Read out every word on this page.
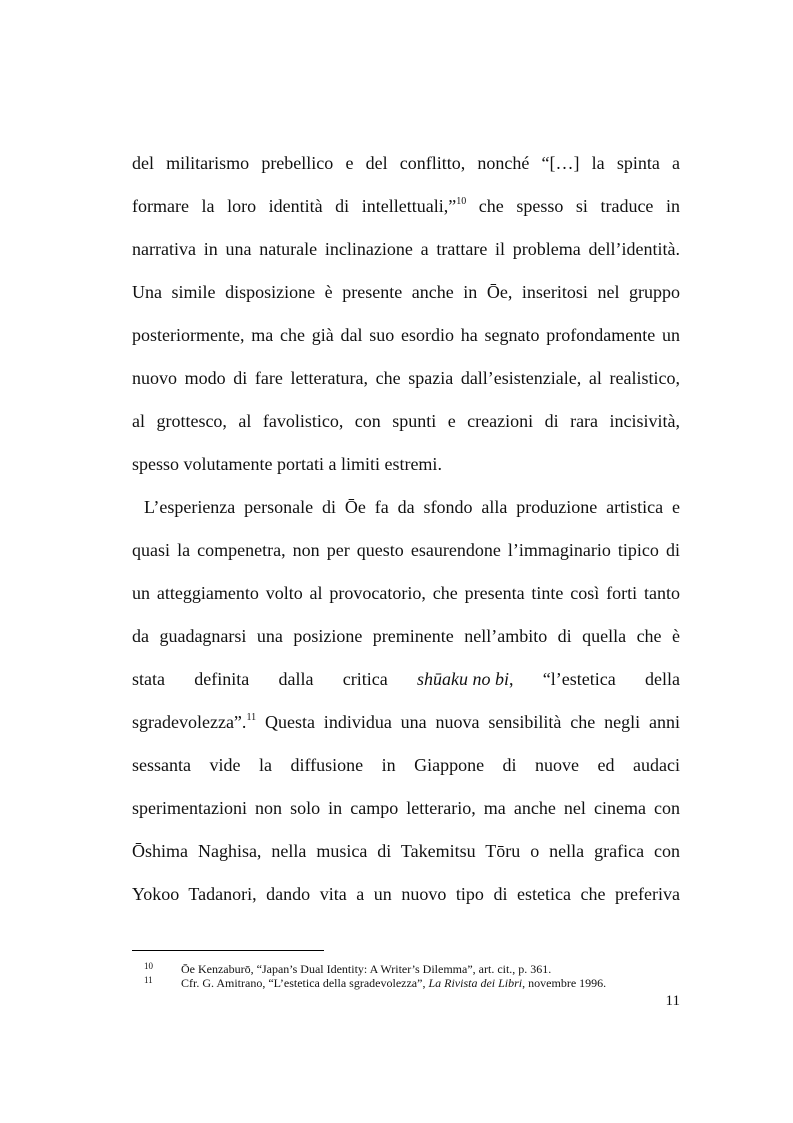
del militarismo prebellico e del conflitto, nonché “[…] la spinta a
formare la loro identità di intellettuali,”$^{10}$ che spesso si traduce in
narrativa in una naturale inclinazione a trattare il problema dell’identità.
Una simile disposizione è presente anche in Ōe, inseritosi nel gruppo
posteriormente, ma che già dal suo esordio ha segnato profondamente un
nuovo modo di fare letteratura, che spazia dall’esistenziale, al realistico,
al grottesco, al favolistico, con spunti e creazioni di rara incisività,
spesso volutamente portati a limiti estremi.
L’esperienza personale di Ōe fa da sfondo alla produzione artistica e
quasi la compenetra, non per questo esaurendone l’immaginario tipico di
un atteggiamento volto al provocatorio, che presenta tinte così forti tanto
da guadagnarsi una posizione preminente nell’ambito di quella che è
stata definita dalla critica shūaku no bi, “l’estetica della
sgradevolezza”.$^{11}$ Questa individua una nuova sensibilità che negli anni
sessanta vide la diffusione in Giappone di nuove ed audaci
sperimentazioni non solo in campo letterario, ma anche nel cinema con
Ōshima Naghisa, nella musica di Takemitsu Tōru o nella grafica con
Yokoo Tadanori, dando vita a un nuovo tipo di estetica che preferiva
10 Ōe Kenzaburō, “Japan’s Dual Identity: A Writer’s Dilemma”, art. cit., p. 361.
11 Cfr. G. Amitrano, “L’estetica della sgradevolezza”, La Rivista dei Libri, novembre 1996.
11
